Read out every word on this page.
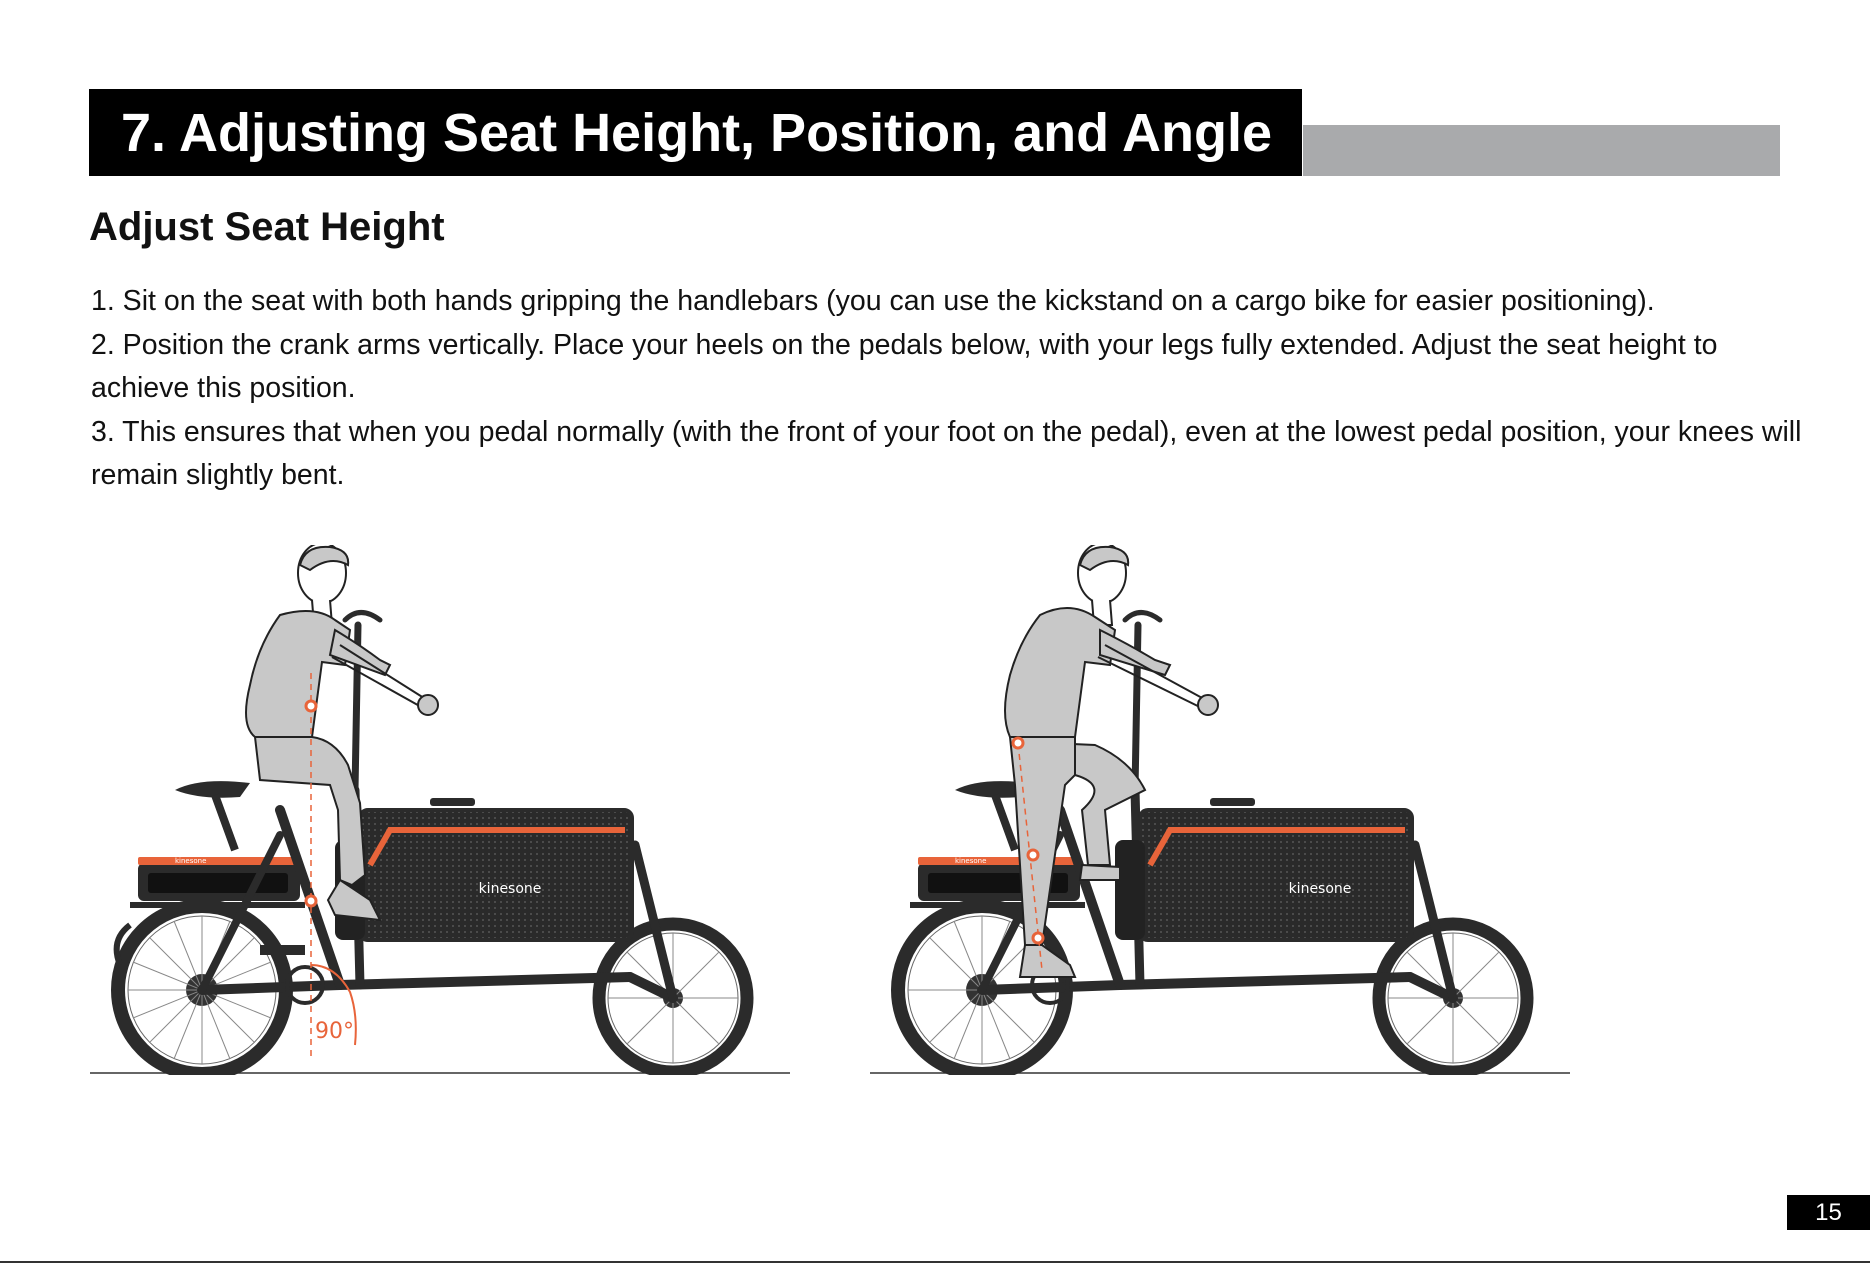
7. Adjusting Seat Height, Position, and Angle
Adjust Seat Height

1. Sit on the seat with both hands gripping the handlebars (you can use the kickstand on a cargo bike for easier positioning).

2. Position the crank arms vertically. Place your heels on the pedals below, with your legs fully extended. Adjust the seat height to achieve this position.

3. This ensures that when you pedal normally (with the front of your foot on the pedal), even at the lowest pedal position, your knees will remain slightly bent.

kinesone
kinesone
90°
kinesone
kinesone
15
